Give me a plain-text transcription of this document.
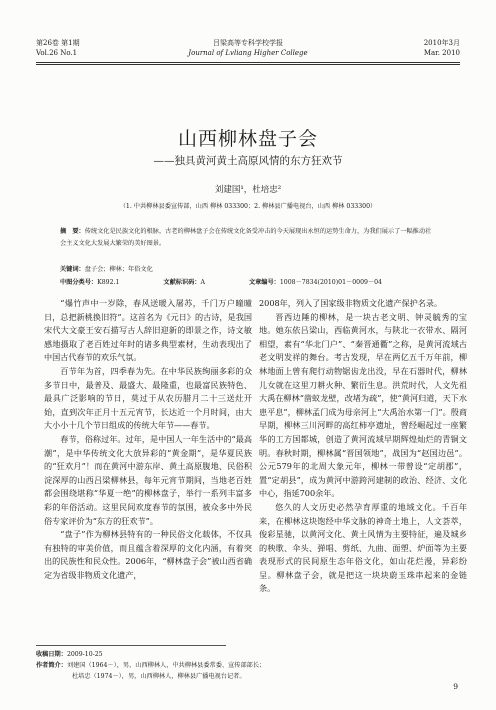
第26卷 第1期
Vol.26 No.1
吕梁高等专科学校学报
Journal of Lvliang Higher College
2010年3月
Mar. 2010
山西柳林盘子会
——独具黄河黄土高原风情的东方狂欢节
刘建国¹，杜培忠²
（1. 中共柳林县委宣传部，山西 柳林 033300；2. 柳林县广播电视台，山西 柳林 033300）
摘　要：传统文化是民族文化的根脉，古老的柳林盘子会在传统文化备受冲击的今天展现出永恒的运势生命力，为我们展示了一幅推动社会主义文化大发展大繁荣的美好图景。
关键词：盘子会；柳林；年俗文化
中图分类号：K892.1	文献标识码：A	文章编号：1008－7834(2010)01－0009－04

“爆竹声中一岁除，春风送暖入屠苏，千门万户曈曈日，总把新桃换旧符”。这首名为《元日》的古诗，是我国宋代大文豪王安石描写古人辞旧迎新的即景之作，诗文敏感地摄取了老百姓过年时的诸多典型素材，生动表现出了中国古代春节的欢乐气氛。

百节年为首，四季春为先。在中华民族绚丽多彩的众多节日中，最普及、最盛大、最隆重，也最富民族特色、最具广泛影响的节日，莫过于从农历腊月二十三送灶开始，直到次年正月十五元宵节，长达近一个月时间，由大大小小十几个节日组成的传统大年节——春节。

春节，俗称过年。过年，是中国人一年生活中的“最高潮”，是中华传统文化大放异彩的“黄金期”，是华夏民族的“狂欢月”！而在黄河中游东岸、黄土高原腹地、民俗积淀深厚的山西吕梁柳林县，每年元宵节期间，当地老百姓都会围绕堪称“华夏一绝”的柳林盘子，举行一系列丰富多彩的年俗活动。这里民间欢度春节的氛围，被众多中外民俗专家评价为“东方的狂欢节”。

“盘子”作为柳林县特有的一种民俗文化载体，不仅具有独特的审美价值，而且蕴含着深厚的文化内涵，有着突出的民族性和民众性。2006年，“柳林盘子会”被山西省确定为省级非物质文化遗产，

2008年，列入了国家级非物质文化遗产保护名录。

晋西边陲的柳林，是一块古老文明、钟灵毓秀的宝地。她东依吕梁山，西临黄河水，与陕北一衣带水、隔河相望，素有“华北门户”、“秦晋通衢”之称，是黄河流域古老文明发祥的舞台。考古发现，早在两亿五千万年前，柳林地面上曾有爬行动物锯齿龙出没，早在石器时代，柳林儿女就在这里刀耕火种、繁衍生息。洪荒时代，人文先祖大禹在柳林“凿蚁龙壁，改堵为疏”，使“黄河归道，天下水患平息”，柳林孟门成为母亲河上“大禹治水第一门”。殷商早期，柳林三川河畔的高红柿亭遗址，曾经崛起过一座繁华的工方国都城，创造了黄河流域早期辉煌灿烂的青铜文明。春秋时期，柳林属“晋国领地”，战国为“赵国边邑”。公元579年的北周大象元年，柳林一带曾设“定胡郡”，置“定胡县”，成为黄河中游跨河建制的政治、经济、文化中心，指延700余年。

悠久的人文历史必然孕育厚重的地域文化。千百年来，在柳林这块饱经中华文脉的神奇土地上，人文荟萃，俊彩星驰，以黄河文化、黄土风情为主要特征，遍及城乡的秧歌、伞头、弹唱、剪纸、九曲、面塑、炉面等为主要表现形式的民间原生态年俗文化，如山花烂漫，异彩纷呈。柳林盘子会，就是把这一块块蔚玉珠串起来的金链条。

收稿日期：2009-10-25
作者简介：刘建国（1964－），男，山西柳林人，中共柳林县委常委、宣传部部长；
杜培忠（1974－），男，山西柳林人，柳林县广播电视台记者。
9
